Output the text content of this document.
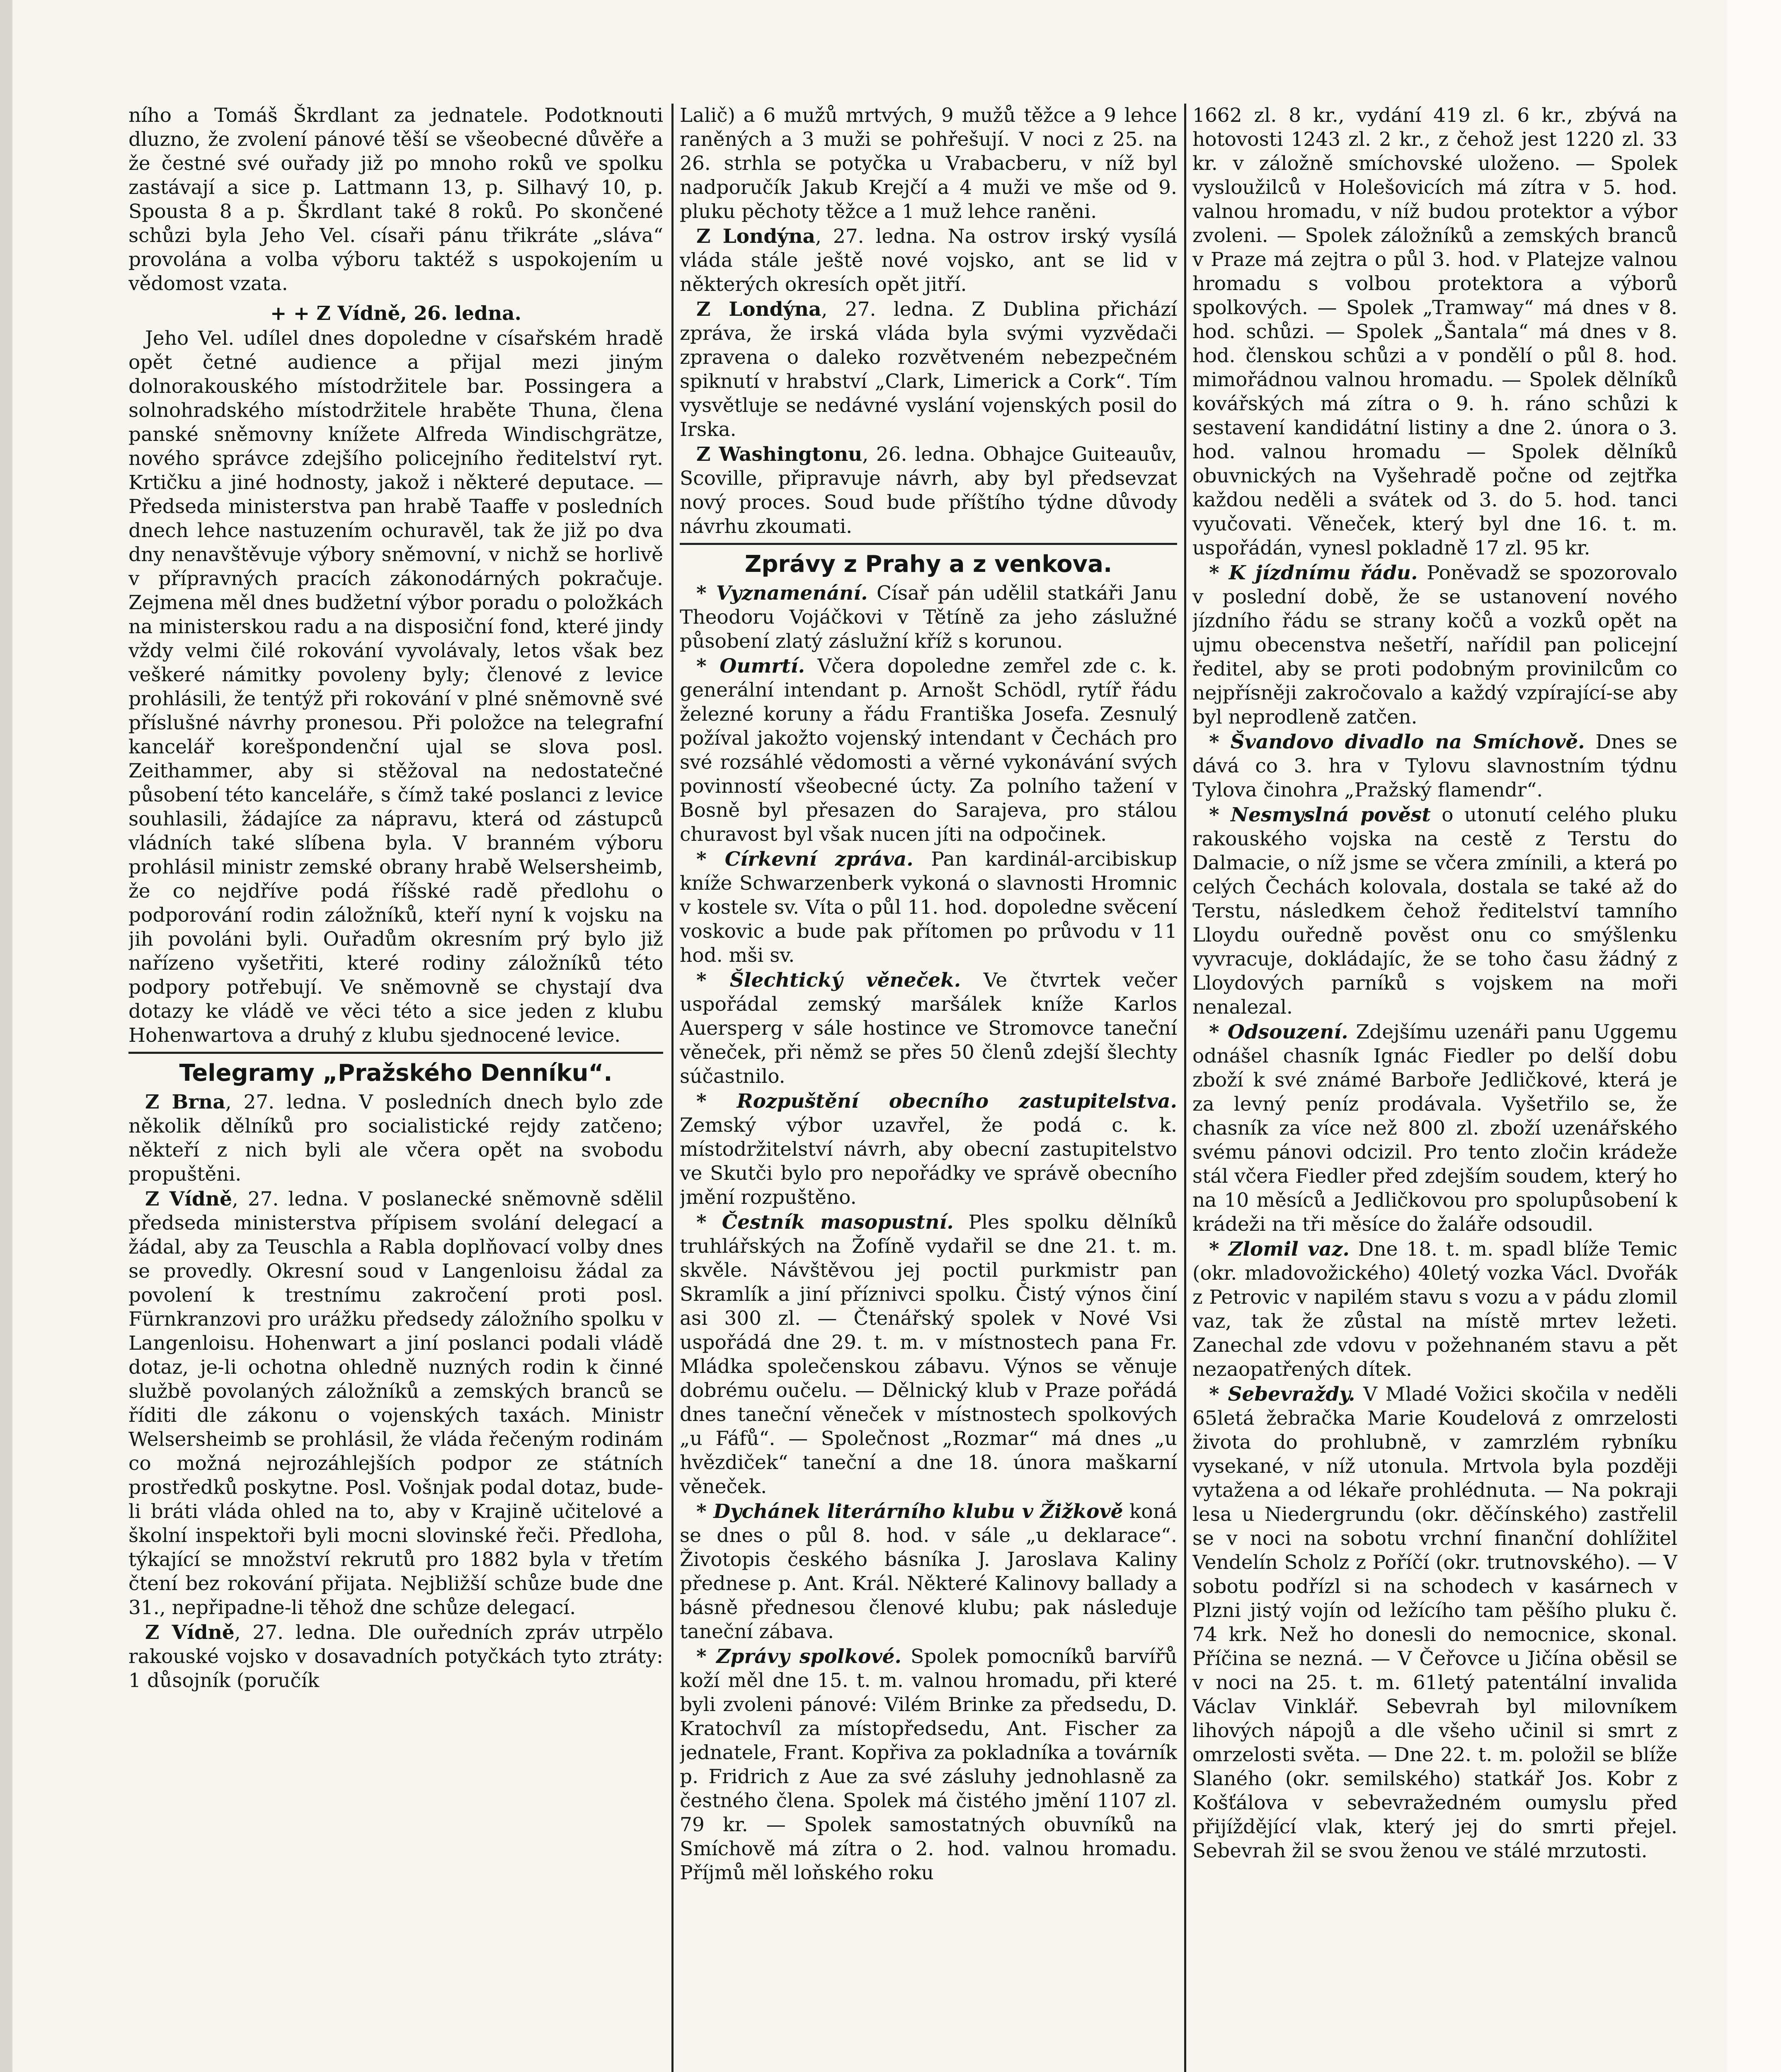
ního a Tomáš Škrdlant za jednatele. Podotknouti dluzno, že zvolení pánové těší se všeobecné důvěře a že čestné své ouřady již po mnoho roků ve spolku zastávají a sice p. Lattmann 13, p. Silhavý 10, p. Spousta 8 a p. Škrdlant také 8 roků. Po skončené schůzi byla Jeho Vel. císaři pánu třikráte „sláva“ provolána a volba výboru taktéž s uspokojením u vědomost vzata.

+ + Z Vídně, 26. ledna.

Jeho Vel. udílel dnes dopoledne v císařském hradě opět četné audience a přijal mezi jiným dolnorakouského místodržitele bar. Possingera a solnohradského místodržitele hraběte Thuna, člena panské sněmovny knížete Alfreda Windischgrätze, nového správce zdejšího policejního ředitelství ryt. Krtičku a jiné hodnosty, jakož i některé deputace. — Předseda ministerstva pan hrabě Taaffe v posledních dnech lehce nastuzením ochuravěl, tak že již po dva dny nenavštěvuje výbory sněmovní, v nichž se horlivě v přípravných pracích zákonodárných pokračuje. Zejmena měl dnes budžetní výbor poradu o položkách na ministerskou radu a na disposiční fond, které jindy vždy velmi čilé rokování vyvolávaly, letos však bez veškeré námitky povoleny byly; členové z levice prohlásili, že tentýž při rokování v plné sněmovně své příslušné návrhy pronesou. Při položce na telegrafní kancelář korešpondenční ujal se slova posl. Zeithammer, aby si stěžoval na nedostatečné působení této kanceláře, s čímž také poslanci z levice souhlasili, žádajíce za nápravu, která od zástupců vládních také slíbena byla. V branném výboru prohlásil ministr zemské obrany hrabě Welsersheimb, že co nejdříve podá říšské radě předlohu o podporování rodin záložníků, kteří nyní k vojsku na jih povoláni byli. Ouřadům okresním prý bylo již nařízeno vyšetřiti, které rodiny záložníků této podpory potřebují. Ve sněmovně se chystají dva dotazy ke vládě ve věci této a sice jeden z klubu Hohenwartova a druhý z klubu sjednocené levice.

Telegramy „Pražského Denníku“.

Z Brna, 27. ledna. V posledních dnech bylo zde několik dělníků pro socialistické rejdy zatčeno; někteří z nich byli ale včera opět na svobodu propuštěni.

Z Vídně, 27. ledna. V poslanecké sněmovně sdělil předseda ministerstva přípisem svolání delegací a žádal, aby za Teuschla a Rabla doplňovací volby dnes se provedly. Okresní soud v Langenloisu žádal za povolení k trestnímu zakročení proti posl. Fürnkranzovi pro urážku předsedy záložního spolku v Langenloisu. Hohenwart a jiní poslanci podali vládě dotaz, je-li ochotna ohledně nuzných rodin k činné službě povolaných záložníků a zemských branců se říditi dle zákonu o vojenských taxách. Ministr Welsersheimb se prohlásil, že vláda řečeným rodinám co možná nejrozáhlejších podpor ze státních prostředků poskytne. Posl. Vošnjak podal dotaz, bude-li bráti vláda ohled na to, aby v Krajině učitelové a školní inspektoři byli mocni slovinské řeči. Předloha, týkající se množství rekrutů pro 1882 byla v třetím čtení bez rokování přijata. Nejbližší schůze bude dne 31., nepřipadne-li těhož dne schůze delegací.

Z Vídně, 27. ledna. Dle ouředních zpráv utrpělo rakouské vojsko v dosavadních potyčkách tyto ztráty: 1 důsojník (poručík

Lalič) a 6 mužů mrtvých, 9 mužů těžce a 9 lehce raněných a 3 muži se pohřešují. V noci z 25. na 26. strhla se potyčka u Vrabacberu, v níž byl nadporučík Jakub Krejčí a 4 muži ve mše od 9. pluku pěchoty těžce a 1 muž lehce raněni.

Z Londýna, 27. ledna. Na ostrov irský vysílá vláda stále ještě nové vojsko, ant se lid v některých okresích opět jitří.

Z Londýna, 27. ledna. Z Dublina přichází zpráva, že irská vláda byla svými vyzvědači zpravena o daleko rozvětveném nebezpečném spiknutí v hrabství „Clark, Limerick a Cork“. Tím vysvětluje se nedávné vyslání vojenských posil do Irska.

Z Washingtonu, 26. ledna. Obhajce Guiteauův, Scoville, připravuje návrh, aby byl předsevzat nový proces. Soud bude příštího týdne důvody návrhu zkoumati.

Zprávy z Prahy a z venkova.

* Vyznamenání. Císař pán udělil statkáři Janu Theodoru Vojáčkovi v Tětíně za jeho záslužné působení zlatý záslužní kříž s korunou.

* Oumrtí. Včera dopoledne zemřel zde c. k. generální intendant p. Arnošt Schödl, rytíř řádu železné koruny a řádu Františka Josefa. Zesnulý požíval jakožto vojenský intendant v Čechách pro své rozsáhlé vědomosti a věrné vykonávání svých povinností všeobecné úcty. Za polního tažení v Bosně byl přesazen do Sarajeva, pro stálou churavost byl však nucen jíti na odpočinek.

* Církevní zpráva. Pan kardinál-arcibiskup kníže Schwarzenberk vykoná o slavnosti Hromnic v kostele sv. Víta o půl 11. hod. dopoledne svěcení voskovic a bude pak přítomen po průvodu v 11 hod. mši sv.

* Šlechtický věneček. Ve čtvrtek večer uspořádal zemský maršálek kníže Karlos Auersperg v sále hostince ve Stromovce taneční věneček, při němž se přes 50 členů zdejší šlechty súčastnilo.

* Rozpuštění obecního zastupitelstva. Zemský výbor uzavřel, že podá c. k. místodržitelství návrh, aby obecní zastupitelstvo ve Skutči bylo pro nepořádky ve správě obecního jmění rozpuštěno.

* Čestník masopustní. Ples spolku dělníků truhlářských na Žofíně vydařil se dne 21. t. m. skvěle. Návštěvou jej poctil purkmistr pan Skramlík a jiní příznivci spolku. Čistý výnos činí asi 300 zl. — Čtenářský spolek v Nové Vsi uspořádá dne 29. t. m. v místnostech pana Fr. Mládka společenskou zábavu. Výnos se věnuje dobrému oučelu. — Dělnický klub v Praze pořádá dnes taneční věneček v místnostech spolkových „u Fáfů“. — Společnost „Rozmar“ má dnes „u hvězdiček“ taneční a dne 18. února maškarní věneček.

* Dychánek literárního klubu v Žižkově koná se dnes o půl 8. hod. v sále „u deklarace“. Životopis českého básníka J. Jaroslava Kaliny přednese p. Ant. Král. Některé Kalinovy ballady a básně přednesou členové klubu; pak následuje taneční zábava.

* Zprávy spolkové. Spolek pomocníků barvířů koží měl dne 15. t. m. valnou hromadu, při které byli zvoleni pánové: Vilém Brinke za předsedu, D. Kratochvíl za místopředsedu, Ant. Fischer za jednatele, Frant. Kopřiva za pokladníka a továrník p. Fridrich z Aue za své zásluhy jednohlasně za čestného člena. Spolek má čistého jmění 1107 zl. 79 kr. — Spolek samostatných obuvníků na Smíchově má zítra o 2. hod. valnou hromadu. Příjmů měl loňského roku

1662 zl. 8 kr., vydání 419 zl. 6 kr., zbývá na hotovosti 1243 zl. 2 kr., z čehož jest 1220 zl. 33 kr. v záložně smíchovské uloženo. — Spolek vysloužilců v Holešovicích má zítra v 5. hod. valnou hromadu, v níž budou protektor a výbor zvoleni. — Spolek záložníků a zemských branců v Praze má zejtra o půl 3. hod. v Platejze valnou hromadu s volbou protektora a výborů spolkových. — Spolek „Tramway“ má dnes v 8. hod. schůzi. — Spolek „Šantala“ má dnes v 8. hod. členskou schůzi a v pondělí o půl 8. hod. mimořádnou valnou hromadu. — Spolek dělníků kovářských má zítra o 9. h. ráno schůzi k sestavení kandidátní listiny a dne 2. února o 3. hod. valnou hromadu — Spolek dělníků obuvnických na Vyšehradě počne od zejtřka každou neděli a svátek od 3. do 5. hod. tanci vyučovati. Věneček, který byl dne 16. t. m. uspořádán, vynesl pokladně 17 zl. 95 kr.

* K jízdnímu řádu. Poněvadž se spozorovalo v poslední době, že se ustanovení nového jízdního řádu se strany kočů a vozků opět na ujmu obecenstva nešetří, nařídil pan policejní ředitel, aby se proti podobným provinilcům co nejpřísněji zakročovalo a každý vzpírající-se aby byl neprodleně zatčen.

* Švandovo divadlo na Smíchově. Dnes se dává co 3. hra v Tylovu slavnostním týdnu Tylova činohra „Pražský flamendr“.

* Nesmyslná pověst o utonutí celého pluku rakouského vojska na cestě z Terstu do Dalmacie, o níž jsme se včera zmínili, a která po celých Čechách kolovala, dostala se také až do Terstu, následkem čehož ředitelství tamního Lloydu ouředně pověst onu co smýšlenku vyvracuje, dokládajíc, že se toho času žádný z Lloydových parníků s vojskem na moři nenalezal.

* Odsouzení. Zdejšímu uzenáři panu Uggemu odnášel chasník Ignác Fiedler po delší dobu zboží k své známé Barboře Jedličkové, která je za levný peníz prodávala. Vyšetřilo se, že chasník za více než 800 zl. zboží uzenářského svému pánovi odcizil. Pro tento zločin krádeže stál včera Fiedler před zdejším soudem, který ho na 10 měsíců a Jedličkovou pro spolupůsobení k krádeži na tři měsíce do žaláře odsoudil.

* Zlomil vaz. Dne 18. t. m. spadl blíže Temic (okr. mladovožického) 40letý vozka Václ. Dvořák z Petrovic v napilém stavu s vozu a v pádu zlomil vaz, tak že zůstal na místě mrtev ležeti. Zanechal zde vdovu v požehnaném stavu a pět nezaopatřených dítek.

* Sebevraždy. V Mladé Vožici skočila v neděli 65letá žebračka Marie Koudelová z omrzelosti života do prohlubně, v zamrzlém rybníku vysekané, v níž utonula. Mrtvola byla později vytažena a od lékaře prohlédnuta. — Na pokraji lesa u Niedergrundu (okr. děčínského) zastřelil se v noci na sobotu vrchní finanční dohlížitel Vendelín Scholz z Poříčí (okr. trutnovského). — V sobotu podřízl si na schodech v kasárnech v Plzni jistý vojín od ležícího tam pěšího pluku č. 74 krk. Než ho donesli do nemocnice, skonal. Příčina se nezná. — V Čeřovce u Jičína oběsil se v noci na 25. t. m. 61letý patentální invalida Václav Vinklář. Sebevrah byl milovníkem lihových nápojů a dle všeho učinil si smrt z omrzelosti světa. — Dne 22. t. m. položil se blíže Slaného (okr. semilského) statkář Jos. Kobr z Košťálova v sebevražedném oumyslu před přijíždějící vlak, který jej do smrti přejel. Sebevrah žil se svou ženou ve stálé mrzutosti.
